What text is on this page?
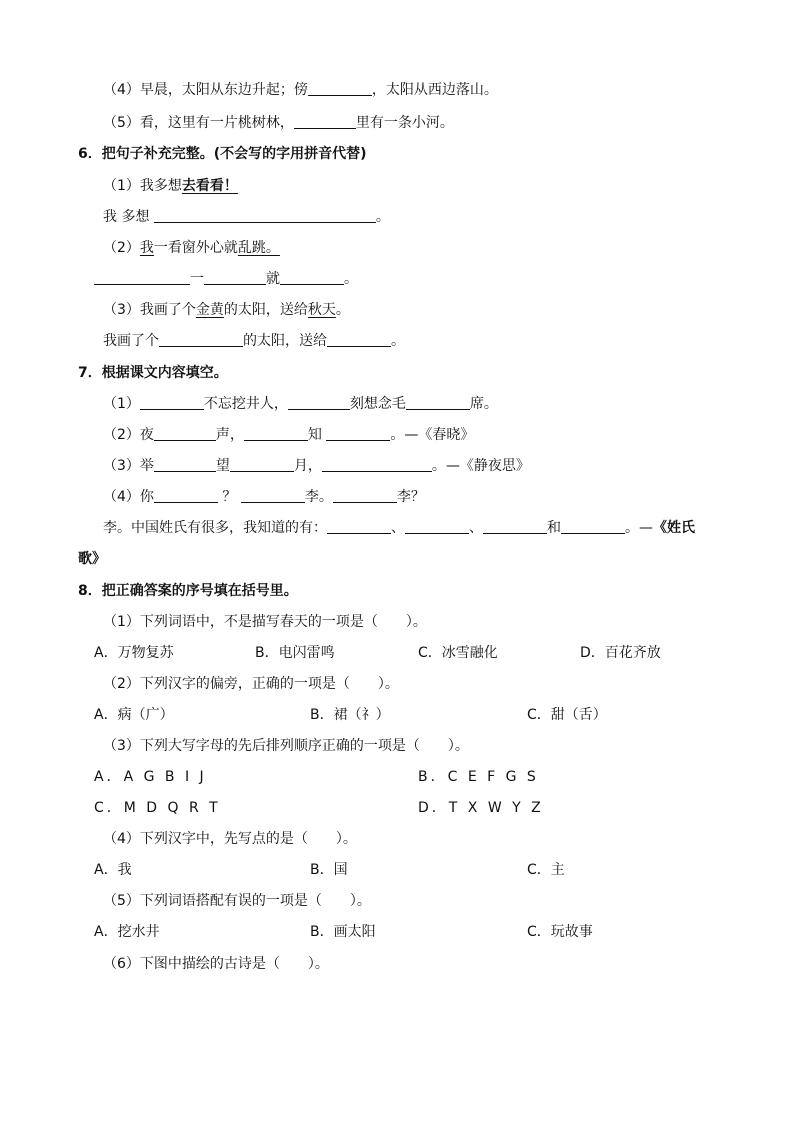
（4）早晨，太阳从东边升起；傍	，太阳从西边落山。
（5）看，这里有一片桃树林，	里有一条小河。
6．把句子补充完整。(不会写的字用拼音代替)
（1）我多想去看看！
我 多想	。
（2）我一看窗外心就乱跳。
一	就	。
（3）我画了个金黄的太阳，送给秋天。
我画了个	的太阳，送给	。
7．根据课文内容填空。
（1）	不忘挖井人，	刻想念毛	席。
（2）夜	声，	知	。—《春晓》
（3）举	望	月，	。—《静夜思》
（4）你	？	李。	李？
李。中国姓氏有很多，我知道的有：	、	、	和	。—《姓氏
歌》
8．把正确答案的序号填在括号里。
（1）下列词语中，不是描写春天的一项是（　　）。
A．万物复苏	B．电闪雷鸣	C．冰雪融化	D．百花齐放
（2）下列汉字的偏旁，正确的一项是（　　）。
A．病（广）	B．裙（礻）	C．甜（舌）
（3）下列大写字母的先后排列顺序正确的一项是（　　）。
A．A G B I J	B．C E F G S
C．M D Q R T	D．T X W Y Z
（4）下列汉字中，先写点的是（　　）。
A．我	B．国	C．主
（5）下列词语搭配有误的一项是（　　）。
A．挖水井	B．画太阳	C．玩故事
（6）下图中描绘的古诗是（　　）。
